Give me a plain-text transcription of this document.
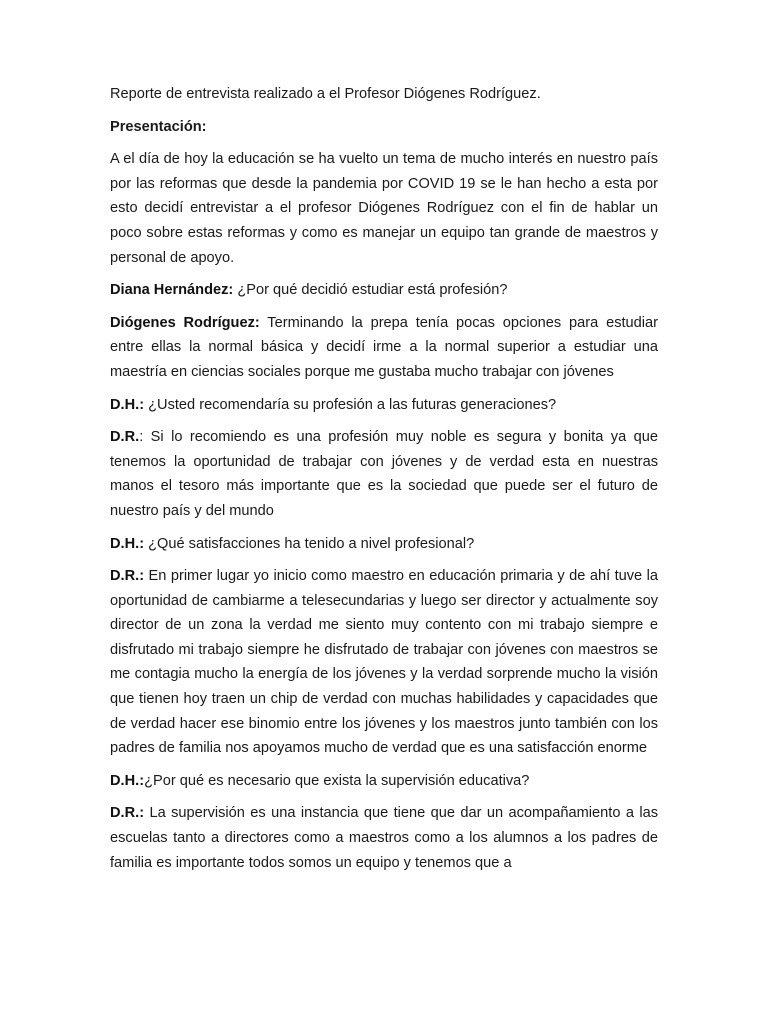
Reporte de entrevista realizado a el Profesor Diógenes Rodríguez.

Presentación:

A el día de hoy la educación se ha vuelto un tema de mucho interés en nuestro país por las reformas que desde la pandemia por COVID 19 se le han hecho a esta por esto decidí entrevistar a el profesor Diógenes Rodríguez con el fin de hablar un poco sobre estas reformas y como es manejar un equipo tan grande de maestros y personal de apoyo.

Diana Hernández: ¿Por qué decidió estudiar está profesión?

Diógenes Rodríguez: Terminando la prepa tenía pocas opciones para estudiar entre ellas la normal básica y decidí irme a la normal superior a estudiar una maestría en ciencias sociales porque me gustaba mucho trabajar con jóvenes

D.H.: ¿Usted recomendaría su profesión a las futuras generaciones?

D.R.: Si lo recomiendo es una profesión muy noble es segura y bonita ya que tenemos la oportunidad de trabajar con jóvenes y de verdad esta en nuestras manos el tesoro más importante que es la sociedad que puede ser el futuro de nuestro país y del mundo

D.H.: ¿Qué satisfacciones ha tenido a nivel profesional?

D.R.: En primer lugar yo inicio como maestro en educación primaria y de ahí tuve la oportunidad de cambiarme a telesecundarias y luego ser director y actualmente soy director de un zona la verdad me siento muy contento con mi trabajo siempre e disfrutado mi trabajo siempre he disfrutado de trabajar con jóvenes con maestros se me contagia mucho la energía de los jóvenes y la verdad sorprende mucho la visión que tienen hoy traen un chip de verdad con muchas habilidades y capacidades que de verdad hacer ese binomio entre los jóvenes y los maestros junto también con los padres de familia nos apoyamos mucho de verdad que es una satisfacción enorme

D.H.:¿Por qué es necesario que exista la supervisión educativa?

D.R.: La supervisión es una instancia que tiene que dar un acompañamiento a las escuelas tanto a directores como a maestros como a los alumnos a los padres de familia es importante todos somos un equipo y tenemos que a
